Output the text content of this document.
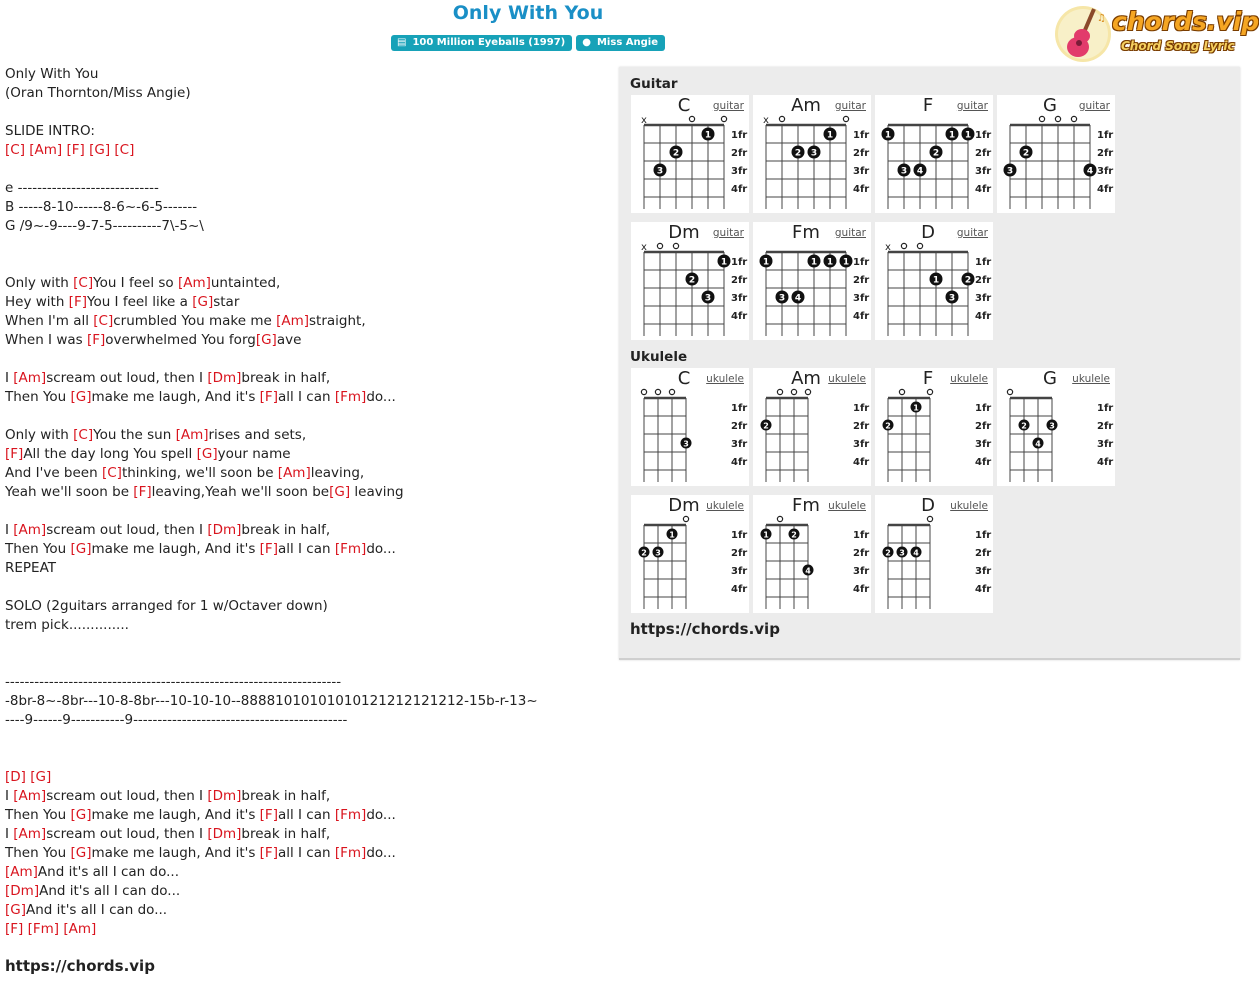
Only With You
▤ 100 Million Eyeballs (1997) ● Miss Angie
♫ chords.vip
Chord Song Lyric
Only With You
(Oran Thornton/Miss Angie)
SLIDE INTRO:
[C] [Am] [F] [G] [C]
e -----------------------------
B -----8-10------8-6~-6-5-------
G /9~-9----9-7-5----------7\-5~\
Only with [C]You I feel so [Am]untainted,
Hey with [F]You I feel like a [G]star
When I'm all [C]crumbled You make me [Am]straight,
When I was [F]overwhelmed You forg[G]ave
I [Am]scream out loud, then I [Dm]break in half,
Then You [G]make me laugh, And it's [F]all I can [Fm]do...
Only with [C]You the sun [Am]rises and sets,
[F]All the day long You spell [G]your name
And I've been [C]thinking, we'll soon be [Am]leaving,
Yeah we'll soon be [F]leaving,Yeah we'll soon be[G] leaving
I [Am]scream out loud, then I [Dm]break in half,
Then You [G]make me laugh, And it's [F]all I can [Fm]do...
REPEAT
SOLO (2guitars arranged for 1 w/Octaver down)
trem pick..............
---------------------------------------------------------------------
-8br-8~-8br---10-8-8br---10-10-10--88881010101010121212121212-15b-r-13~
----9------9-----------9--------------------------------------------
[D] [G]
I [Am]scream out loud, then I [Dm]break in half,
Then You [G]make me laugh, And it's [F]all I can [Fm]do...
I [Am]scream out loud, then I [Dm]break in half,
Then You [G]make me laugh, And it's [F]all I can [Fm]do...
[Am]And it's all I can do...
[Dm]And it's all I can do...
[G]And it's all I can do...
[F] [Fm] [Am]
https://chords.vip
Guitar
Ukulele
https://chords.vip
x
3
2
1 1fr
2fr
3fr
4fr
C	guitar
x
2 3
1 1fr
2fr
3fr
4fr
Am	guitar
1	1 1
2
3 4
1fr
2fr
3fr
4fr
F	guitar
3
2
4
1fr
2fr
3fr
4fr
G	guitar
x
1
2
3
1fr
2fr
3fr
4fr
Dm	guitar
1	1 1 1
3 4
1fr
2fr
3fr
4fr
Fm	guitar
x
1	2
3
1fr
2fr
3fr
4fr
D	guitar
3
1fr
2fr
3fr
4fr
C	ukulele
2
1fr
2fr
3fr
4fr
Am ukulele
2
1	1fr
2fr
3fr
4fr
F	ukulele
2	3
4
1fr
2fr
3fr
4fr
G	ukulele
2 3
1	1fr
2fr
3fr
4fr
Dm ukulele
1	2
4
1fr
2fr
3fr
4fr
Fm ukulele
2 3 4
1fr
2fr
3fr
4fr
D	ukulele
